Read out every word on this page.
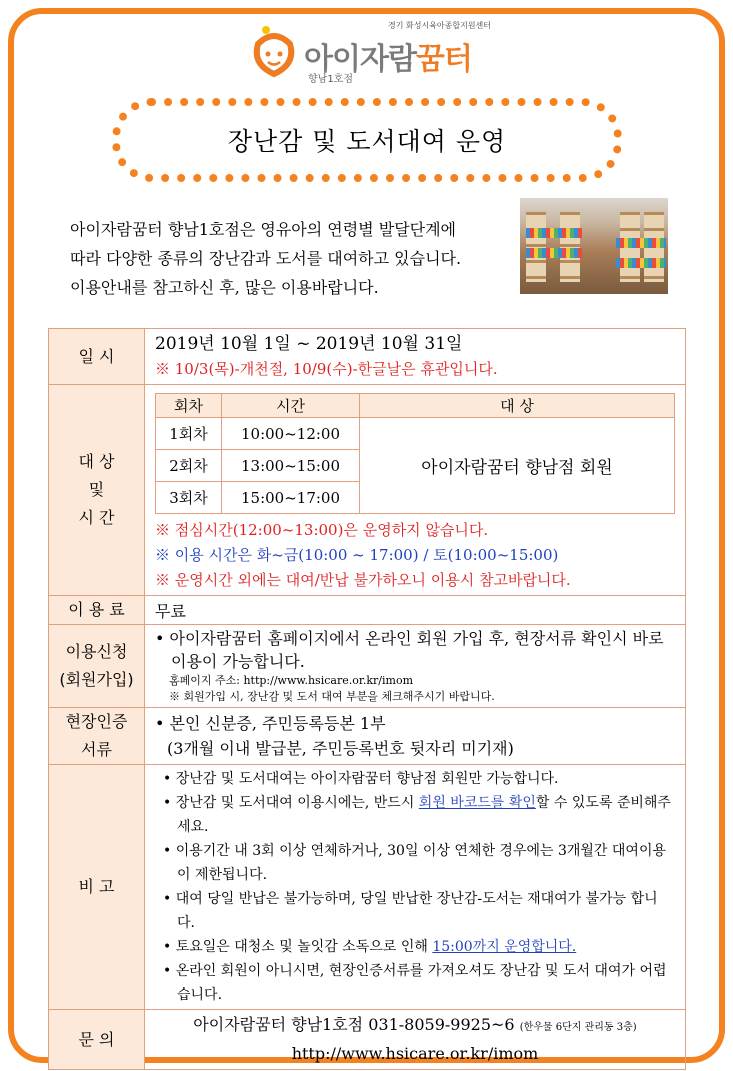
경기 화성시육아종합지원센터
아이자람꿈터
향남1호점
장난감 및 도서대여 운영
아이자람꿈터 향남1호점은 영유아의 연령별 발달단계에
따라 다양한 종류의 장난감과 도서를 대여하고 있습니다.
이용안내를 참고하신 후, 많은 이용바랍니다.
일 시	
2019년 10월 1일 ~ 2019년 10월 31일
※ 10/3(목)-개천절, 10/9(수)-한글날은 휴관입니다.

대 상
및
시 간

회차	시간	대 상
1회차	10:00~12:00	아이자람꿈터 향남점 회원
2회차	13:00~15:00
3회차	15:00~17:00
※ 점심시간(12:00~13:00)은 운영하지 않습니다.
※ 이용 시간은 화~금(10:00 ~ 17:00) / 토(10:00~15:00)
※ 운영시간 외에는 대여/반납 불가하오니 이용시 참고바랍니다.

이 용 료	무료

이용신청
(회원가입)

• 아이자람꿈터 홈페이지에서 온라인 회원 가입 후, 현장서류 확인시 바로 이용이 가능합니다.
홈페이지 주소: http://www.hsicare.or.kr/imom
※ 회원가입 시, 장난감 및 도서 대여 부분을 체크해주시기 바랍니다.

현장인증
서류

• 본인 신분증, 주민등록등본 1부
(3개월 이내 발급분, 주민등록번호 뒷자리 미기재)

비 고	
• 장난감 및 도서대여는 아이자람꿈터 향남점 회원만 가능합니다.
• 장난감 및 도서대여 이용시에는, 반드시 회원 바코드를 확인할 수 있도록 준비해주세요.
• 이용기간 내 3회 이상 연체하거나, 30일 이상 연체한 경우에는 3개월간 대여이용이 제한됩니다.
• 대여 당일 반납은 불가능하며, 당일 반납한 장난감-도서는 재대여가 불가능 합니다.
• 토요일은 대청소 및 놀잇감 소독으로 인해 15:00까지 운영합니다.
• 온라인 회원이 아니시면, 현장인증서류를 가져오셔도 장난감 및 도서 대여가 어렵습니다.

문 의	
아이자람꿈터 향남1호점 031-8059-9925~6 (한우물 6단지 관리동 3층)
http://www.hsicare.or.kr/imom
